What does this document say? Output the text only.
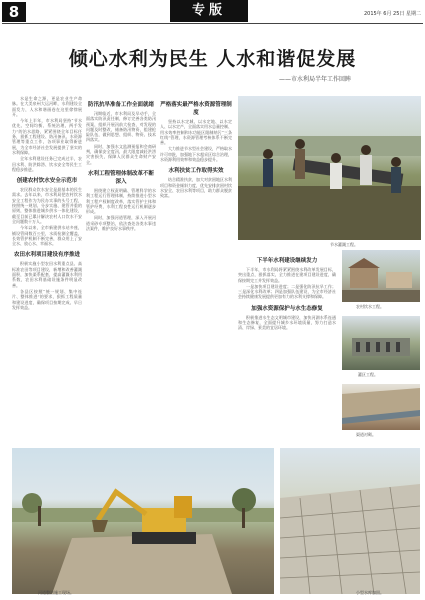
8	专版	2015年 6月 25日 星期二
倾心水利为民生 人水和谐促发展
——市水利局半年工作回眸
节水灌溉工程。

水是生命之源，更是农业生产命脉。在大美泉州大运河畔，水利建设全面发力，人水和谐画卷在这里徐徐展开。

今年上半年，市水利局坚持“节水优先、空间均衡、系统治理、两手发力”的治水思路，紧紧围绕全年目标任务，狠抓工程建设、防汛备汛、水资源管理等重点工作，各项事业取得新进展，为全市经济社会发展提供了坚实的水利保障。

全年水利建设任务已完成过半，农田水利、防洪除涝、饮水安全等民生工程稳步推进。

创建农村饮水安全示范市

农民群众饮水安全是最基本的民生需求。去年以来，市水利局把农村饮水安全工程作为为民办实事的头号工程，按照统一规划、分步实施、建管并重的原则，整体推进城乡供水一体化建设，截至目前已累计解决农村人口饮水不安全问题数十万人。

今年以来，全市新建供水站多座，铺设管网数百公里，水质检测全覆盖，长效管护机制不断完善，群众用上了安全水、放心水、幸福水。

农田水利项目建设有序推进

积极实施小型农田水利重点县、高标准农田等项目建设，新增和改善灌溉面积，加快渠系配套，提高灌溉水利用系数，农田水利基础设施条件明显改善。

各县区按照“统一规划、集中连片、整体推进”的要求，狠抓工程质量和建设进度，确保项目按期完成、早日发挥效益。

防汛抗旱准备工作全面就绪

汛期临近，市水利局及早动手，全面落实防汛责任制，修订完善各类防汛预案，组织开展汛前大检查，对发现的问题及时整改，储备防汛物资，组建抢险队伍，做到思想、组织、物资、技术四落实。

同时，加强水文监测预报和会商研判，确保安全度汛，最大限度减轻洪涝灾害损失，保障人民群众生命财产安全。

水利工程管理体制改革不断深入

围绕建立权责明确、管理科学的水利工程运行管理体制，持续推进小型水利工程产权制度改革，落实管护主体和管护经费，水利工程良性运行机制逐步形成。

同时，加强河道管理，深入开展河道采砂专项整治，依法查处各类水事违法案件，维护良好水事秩序。

严格落实最严格水资源管理制度

坚持以水定城、以水定地、以水定人、以水定产，全面落实用水总量控制、用水效率控制和水功能区限制纳污“三条红线”管理，水资源管理考核体系不断完善。

大力推进节水型社会建设，严格取水许可审批，加强地下水超采区综合治理，水资源利用效率和效益稳步提升。

水利扶贫工作取得实效

结合精准扶贫，加大对贫困地区水利项目和资金倾斜力度，优先安排贫困村饮水安全、农田水利等项目，助力群众脱贫致富。

下半年水利建设继续发力

下半年，市水利局将紧紧围绕水利改革发展目标，突出重点，狠抓落实，全力推进在建项目建设进度，确保按期完工并发挥效益。

一是加快项目建设进度；二是强化防汛抗旱工作；三是深化水利改革；四是加强队伍建设，为全市经济社会持续健康发展提供更加有力的水利支撑和保障。

加强水资源保护与水生态修复

积极推进水生态文明城市建设，加快河湖水系连通和生态修复，全面提升城乡水环境质量，努力打造水清、岸绿、景美的宜居环境。

农村饮水工程。
灌区工程。
渠道衬砌。
河道整治施工现场。	小型水库加固。
